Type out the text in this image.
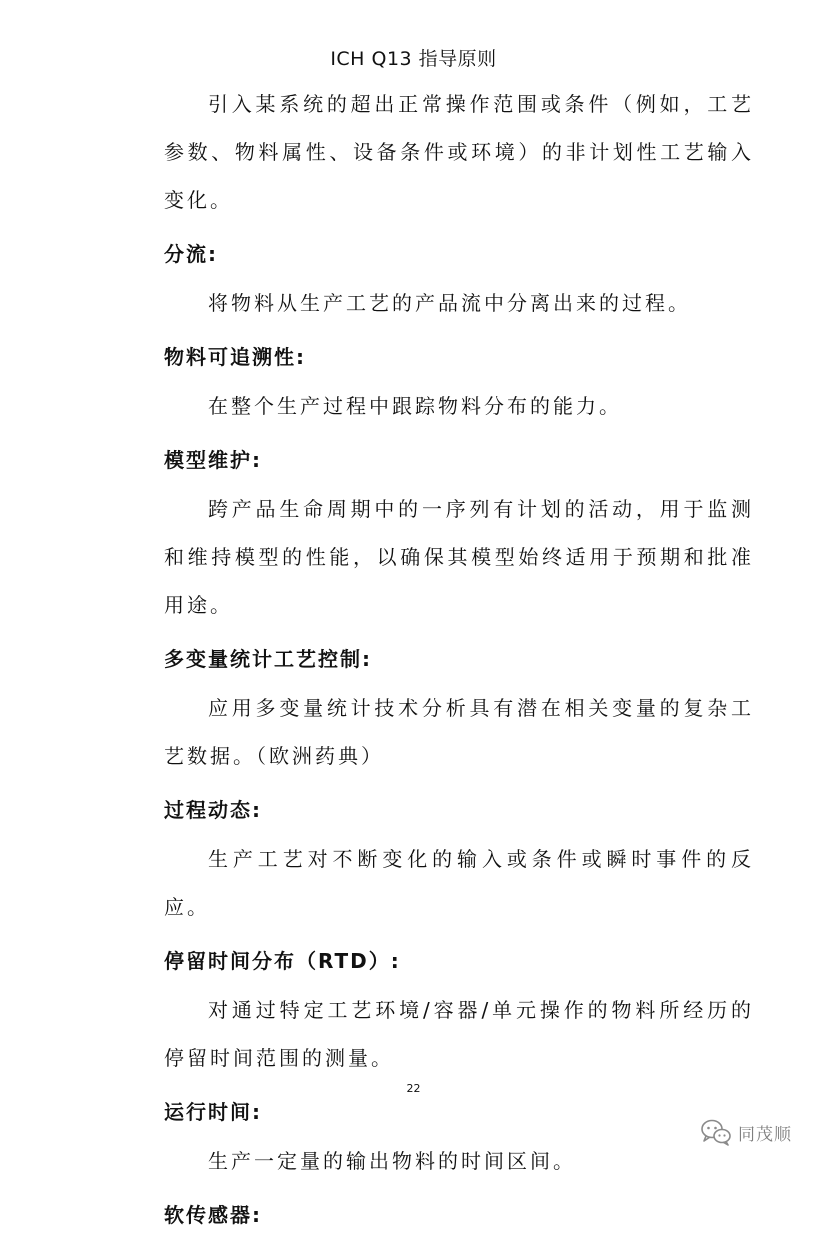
ICH Q13 指导原则

引入某系统的超出正常操作范围或条件（例如，工艺参数、物料属性、设备条件或环境）的非计划性工艺输入变化。

分流:

将物料从生产工艺的产品流中分离出来的过程。

物料可追溯性:

在整个生产过程中跟踪物料分布的能力。

模型维护:

跨产品生命周期中的一序列有计划的活动，用于监测和维持模型的性能，以确保其模型始终适用于预期和批准用途。

多变量统计工艺控制:

应用多变量统计技术分析具有潜在相关变量的复杂工艺数据。（欧洲药典）

过程动态:

生产工艺对不断变化的输入或条件或瞬时事件的反应。

停留时间分布（RTD）:

对通过特定工艺环境/容器/单元操作的物料所经历的停留时间范围的测量。

运行时间:

生产一定量的输出物料的时间区间。

软传感器:

22
同茂顺
